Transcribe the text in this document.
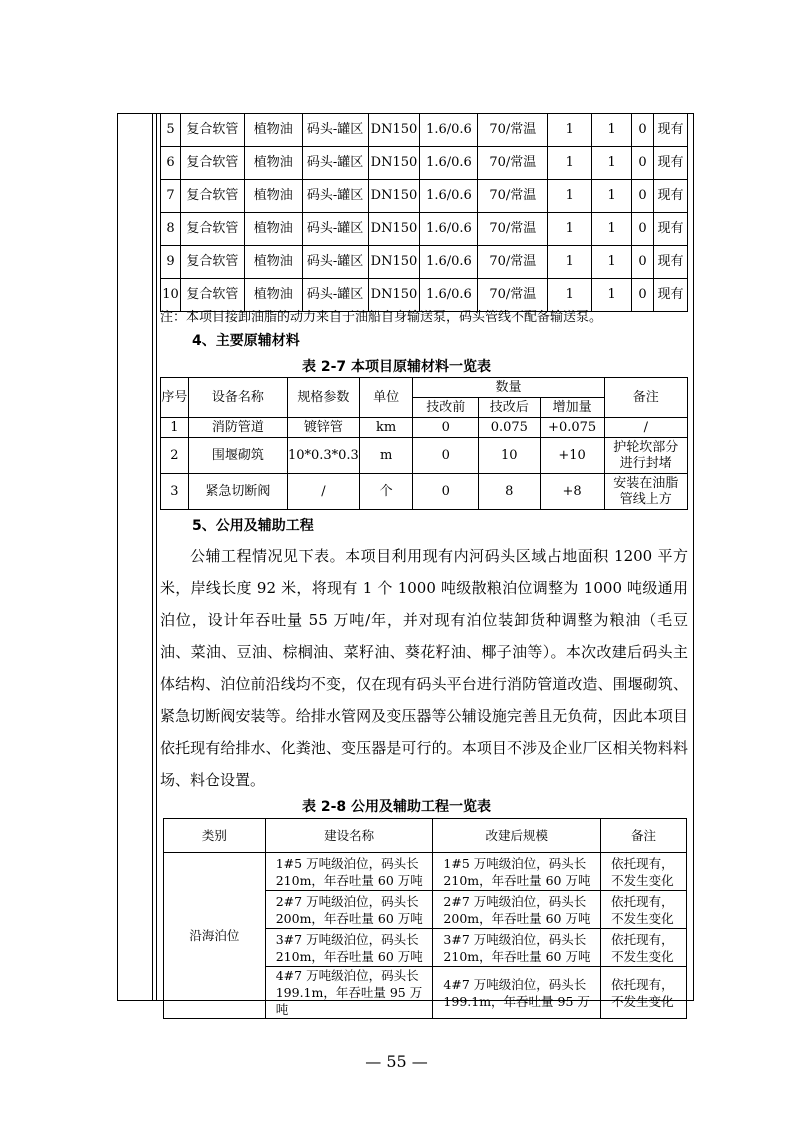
5	复合软管	植物油	码头-罐区	DN150	1.6/0.6	70/常温	1	1	0	现有
6	复合软管	植物油	码头-罐区	DN150	1.6/0.6	70/常温	1	1	0	现有
7	复合软管	植物油	码头-罐区	DN150	1.6/0.6	70/常温	1	1	0	现有
8	复合软管	植物油	码头-罐区	DN150	1.6/0.6	70/常温	1	1	0	现有
9	复合软管	植物油	码头-罐区	DN150	1.6/0.6	70/常温	1	1	0	现有
10	复合软管	植物油	码头-罐区	DN150	1.6/0.6	70/常温	1	1	0	现有
注：本项目接卸油脂的动力来自于油船自身输送泵，码头管线不配备输送泵。
4、主要原辅材料
表 2-7 本项目原辅材料一览表
序号	设备名称	规格参数	单位	数量			备注
				技改前	技改后	增加量	
1	消防管道	镀锌管	km	0	0.075	+0.075	/
2	围堰砌筑	10*0.3*0.3	m	0	10	+10	护轮坎部分进行封堵
3	紧急切断阀	/	个	0	8	+8	安装在油脂管线上方
5、公用及辅助工程
公辅工程情况见下表。本项目利用现有内河码头区域占地面积 1200 平方米，岸线长度 92 米，将现有 1 个 1000 吨级散粮泊位调整为 1000 吨级通用泊位，设计年吞吐量 55 万吨/年，并对现有泊位装卸货种调整为粮油（毛豆油、菜油、豆油、棕榈油、菜籽油、葵花籽油、椰子油等）。本次改建后码头主体结构、泊位前沿线均不变，仅在现有码头平台进行消防管道改造、围堰砌筑、紧急切断阀安装等。给排水管网及变压器等公辅设施完善且无负荷，因此本项目依托现有给排水、化粪池、变压器是可行的。本项目不涉及企业厂区相关物料料场、料仓设置。
表 2-8 公用及辅助工程一览表
类别	建设名称	改建后规模	备注
沿海泊位	1#5 万吨级泊位，码头长 210m，年吞吐量 60 万吨	1#5 万吨级泊位，码头长 210m，年吞吐量 60 万吨	依托现有，不发生变化
	2#7 万吨级泊位，码头长 200m，年吞吐量 60 万吨	2#7 万吨级泊位，码头长 200m，年吞吐量 60 万吨	依托现有，不发生变化
	3#7 万吨级泊位，码头长 210m，年吞吐量 60 万吨	3#7 万吨级泊位，码头长 210m，年吞吐量 60 万吨	依托现有，不发生变化
	4#7 万吨级泊位，码头长 199.1m，年吞吐量 95 万吨	4#7 万吨级泊位，码头长 199.1m，年吞吐量 95 万	依托现有，不发生变化
— 55 —
